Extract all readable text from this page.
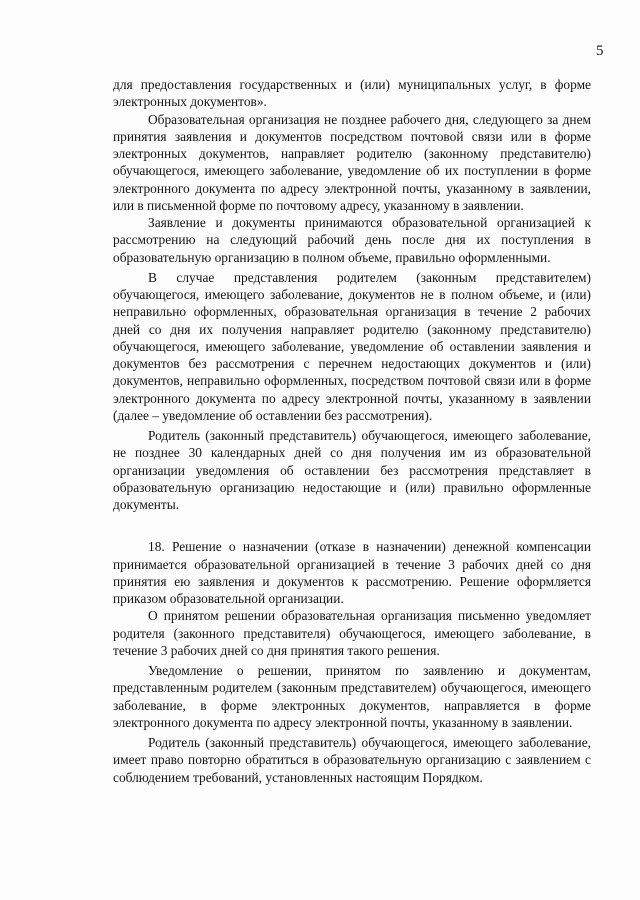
5

для предоставления государственных и (или) муниципальных услуг, в форме электронных документов».

Образовательная организация не позднее рабочего дня, следующего за днем принятия заявления и документов посредством почтовой связи или в форме электронных документов, направляет родителю (законному представителю) обучающегося, имеющего заболевание, уведомление об их поступлении в форме электронного документа по адресу электронной почты, указанному в заявлении, или в письменной форме по почтовому адресу, указанному в заявлении.

Заявление и документы принимаются образовательной организацией к рассмотрению на следующий рабочий день после дня их поступления в образовательную организацию в полном объеме, правильно оформленными.

В случае представления родителем (законным представителем) обучающегося, имеющего заболевание, документов не в полном объеме, и (или) неправильно оформленных, образовательная организация в течение 2 рабочих дней со дня их получения направляет родителю (законному представителю) обучающегося, имеющего заболевание, уведомление об оставлении заявления и документов без рассмотрения с перечнем недостающих документов и (или) документов, неправильно оформленных, посредством почтовой связи или в форме электронного документа по адресу электронной почты, указанному в заявлении (далее – уведомление об оставлении без рассмотрения).

Родитель (законный представитель) обучающегося, имеющего заболевание, не позднее 30 календарных дней со дня получения им из образовательной организации уведомления об оставлении без рассмотрения представляет в образовательную организацию недостающие и (или) правильно оформленные документы.

18. Решение о назначении (отказе в назначении) денежной компенсации принимается образовательной организацией в течение 3 рабочих дней со дня принятия ею заявления и документов к рассмотрению. Решение оформляется приказом образовательной организации.

О принятом решении образовательная организация письменно уведомляет родителя (законного представителя) обучающегося, имеющего заболевание, в течение 3 рабочих дней со дня принятия такого решения.

Уведомление о решении, принятом по заявлению и документам, представленным родителем (законным представителем) обучающегося, имеющего заболевание, в форме электронных документов, направляется в форме электронного документа по адресу электронной почты, указанному в заявлении.

Родитель (законный представитель) обучающегося, имеющего заболевание, имеет право повторно обратиться в образовательную организацию с заявлением с соблюдением требований, установленных настоящим Порядком.
